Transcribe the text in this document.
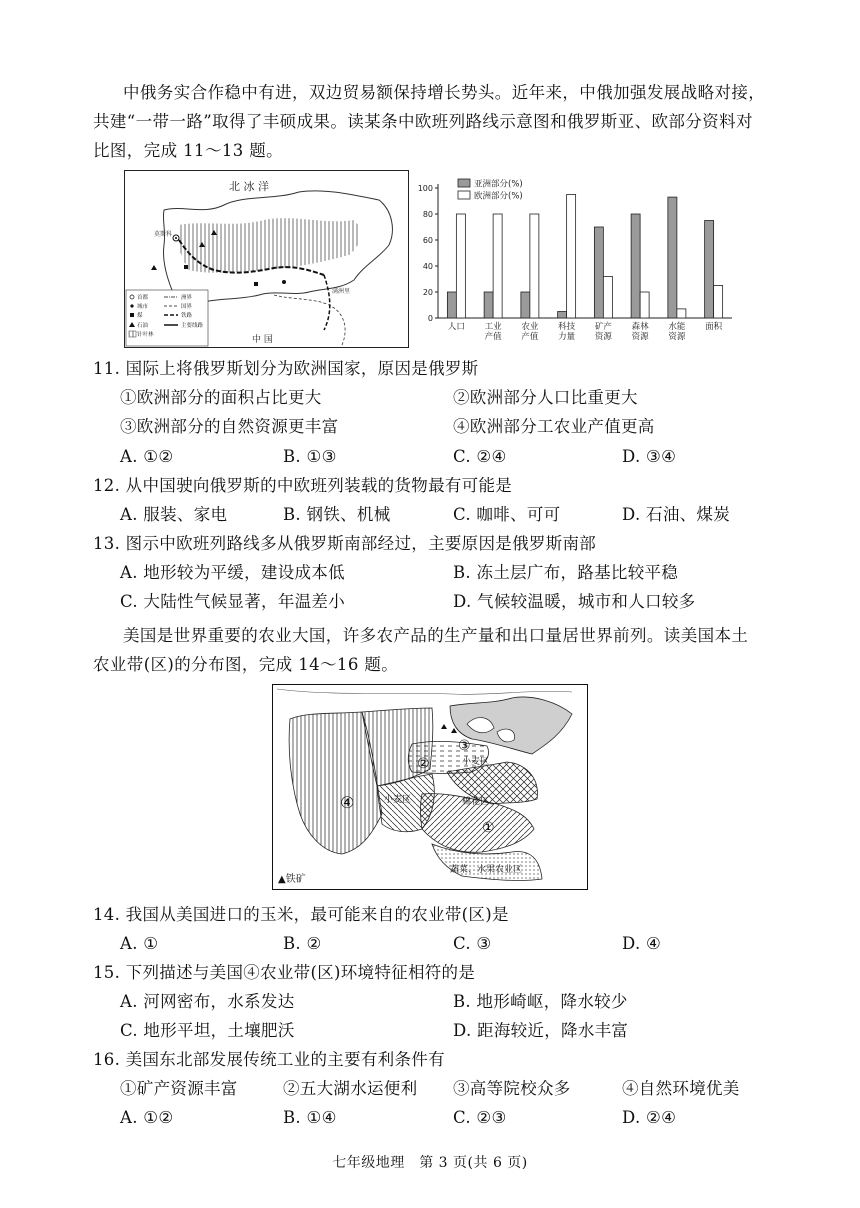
中俄务实合作稳中有进，双边贸易额保持增长势头。近年来，中俄加强发展战略对接，
共建“一带一路”取得了丰硕成果。读某条中欧班列路线示意图和俄罗斯亚、欧部分资料对
比图，完成 11～13 题。
莫斯科
满洲里
北 冰 洋
中 国
首都
城市
煤
石油
针叶林
洲界
国界
铁路
主要线路
0
20
40
60
80
100
人口 工业
产值
农业
产值
科技
力量
矿产
资源
森林
资源
水能
资源
面积
亚洲部分(%)
欧洲部分(%)
11. 国际上将俄罗斯划分为欧洲国家，原因是俄罗斯
①欧洲部分的面积占比更大	②欧洲部分人口比重更大
③欧洲部分的自然资源更丰富	④欧洲部分工农业产值更高
A. ①②	B. ①③	C. ②④	D. ③④
12. 从中国驶向俄罗斯的中欧班列装载的货物最有可能是
A. 服装、家电	B. 钢铁、机械	C. 咖啡、可可	D. 石油、煤炭
13. 图示中欧班列路线多从俄罗斯南部经过，主要原因是俄罗斯南部
A. 地形较为平缓，建设成本低	B. 冻土层广布，路基比较平稳
C. 大陆性气候显著，年温差小	D. 气候较温暖，城市和人口较多
美国是世界重要的农业大国，许多农产品的生产量和出口量居世界前列。读美国本土
农业带(区)的分布图，完成 14～16 题。
小麦区
小麦区	棉花区
蔬菜、水果农业区
①
②
③
④
▲铁矿
14. 我国从美国进口的玉米，最可能来自的农业带(区)是
A. ①	B. ②	C. ③	D. ④
15. 下列描述与美国④农业带(区)环境特征相符的是
A. 河网密布，水系发达	B. 地形崎岖，降水较少
C. 地形平坦，土壤肥沃	D. 距海较近，降水丰富
16. 美国东北部发展传统工业的主要有利条件有
①矿产资源丰富	②五大湖水运便利 ③高等院校众多	④自然环境优美
A. ①②	B. ①④	C. ②③	D. ②④
七年级地理　第 3 页(共 6 页)
